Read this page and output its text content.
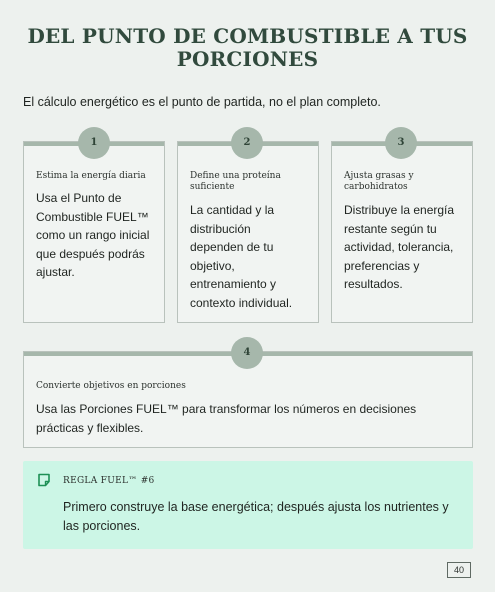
DEL PUNTO DE COMBUSTIBLE A TUS
PORCIONES

El cálculo energético es el punto de partida, no el plan completo.

1
Estima la energía diaria
Usa el Punto de Combustible FUEL™ como un rango inicial que después podrás ajustar.
2
Define una proteína suficiente
La cantidad y la distribución dependen de tu objetivo, entrenamiento y contexto individual.
3
Ajusta grasas y carbohidratos
Distribuye la energía restante según tu actividad, tolerancia, preferencias y resultados.
4
Convierte objetivos en porciones
Usa las Porciones FUEL™ para transformar los números en decisiones prácticas y flexibles.
REGLA FUEL™ #6
Primero construye la base energética; después ajusta los nutrientes y las porciones.
40
